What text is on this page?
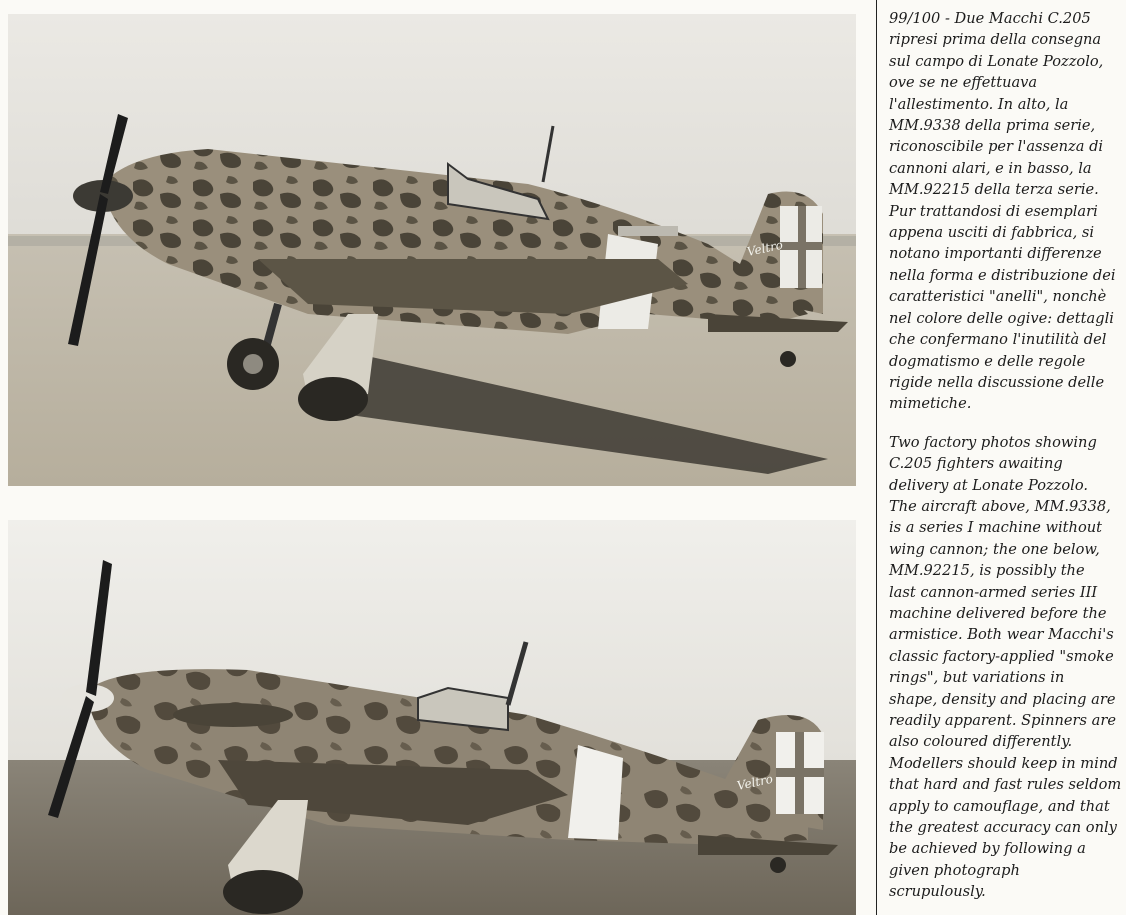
Veltro
Veltro

99/100 - Due Macchi C.205
ripresi prima della consegna
sul campo di Lonate Pozzolo,
ove se ne effettuava
l'allestimento. In alto, la
MM.9338 della prima serie,
riconoscibile per l'assenza di
cannoni alari, e in basso, la
MM.92215 della terza serie.
Pur trattandosi di esemplari
appena usciti di fabbrica, si
notano importanti differenze
nella forma e distribuzione dei
caratteristici "anelli", nonchè
nel colore delle ogive: dettagli
che confermano l'inutilità del
dogmatismo e delle regole
rigide nella discussione delle
mimetiche.

Two factory photos showing
C.205 fighters awaiting
delivery at Lonate Pozzolo.
The aircraft above, MM.9338,
is a series I machine without
wing cannon; the one below,
MM.92215, is possibly the
last cannon-armed series III
machine delivered before the
armistice. Both wear Macchi's
classic factory-applied "smoke
rings", but variations in
shape, density and placing are
readily apparent. Spinners are
also coloured differently.
Modellers should keep in mind
that hard and fast rules seldom
apply to camouflage, and that
the greatest accuracy can only
be achieved by following a
given photograph
scrupulously.
